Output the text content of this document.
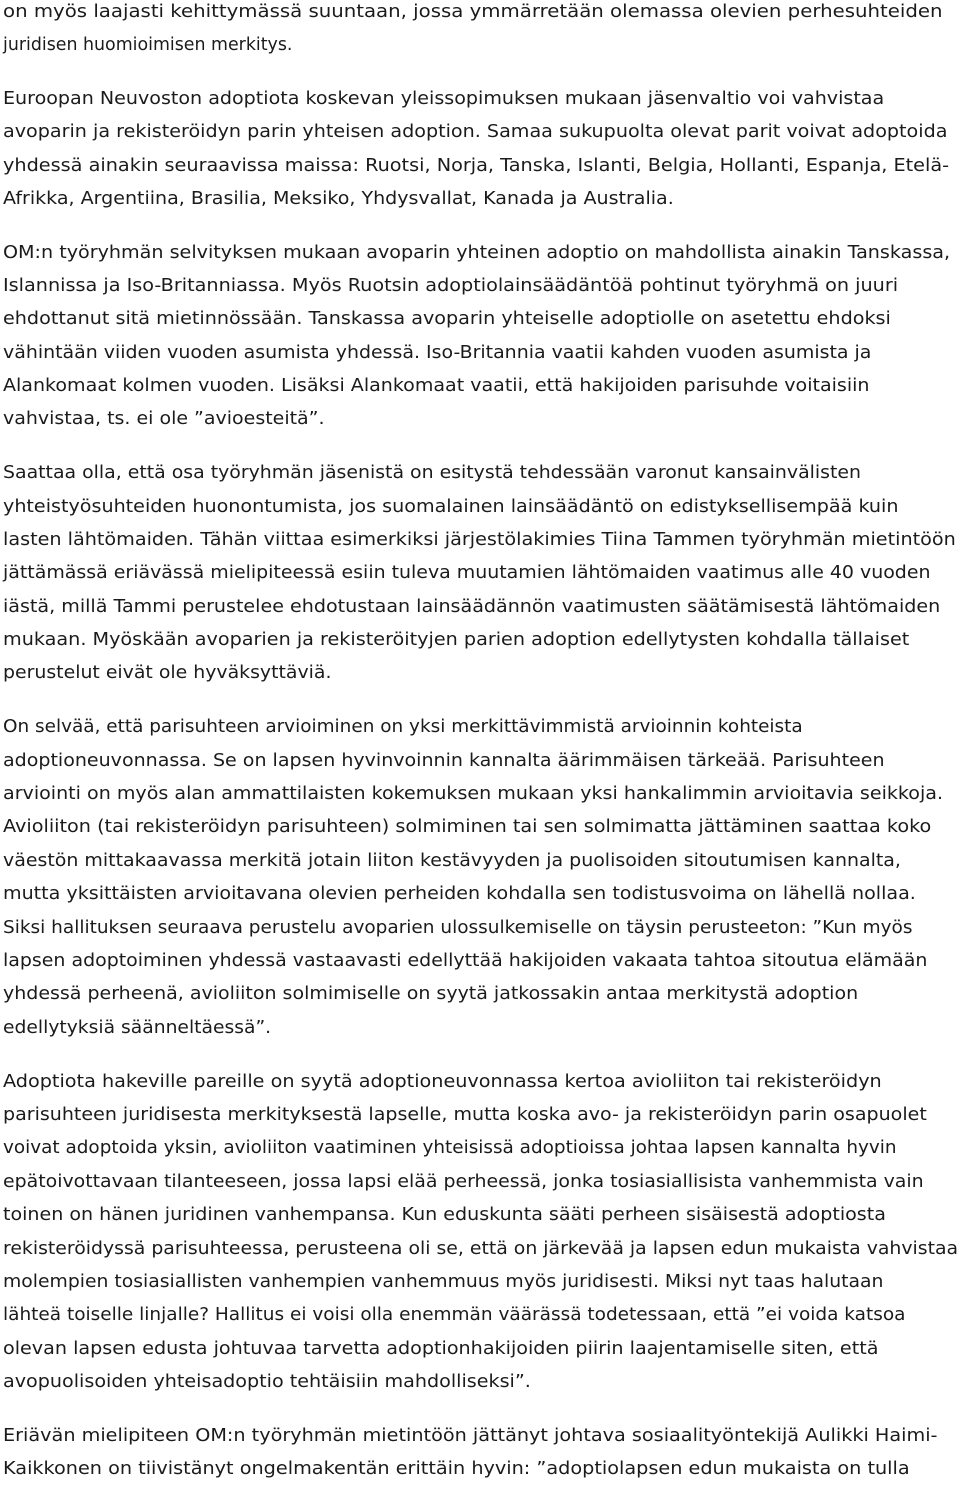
on myös laajasti kehittymässä suuntaan, jossa ymmärretään olemassa olevien perhesuhteiden
juridisen huomioimisen merkitys.
Euroopan Neuvoston adoptiota koskevan yleissopimuksen mukaan jäsenvaltio voi vahvistaa
avoparin ja rekisteröidyn parin yhteisen adoption. Samaa sukupuolta olevat parit voivat adoptoida
yhdessä ainakin seuraavissa maissa: Ruotsi, Norja, Tanska, Islanti, Belgia, Hollanti, Espanja, Etelä-
Afrikka, Argentiina, Brasilia, Meksiko, Yhdysvallat, Kanada ja Australia.
OM:n työryhmän selvityksen mukaan avoparin yhteinen adoptio on mahdollista ainakin Tanskassa,
Islannissa ja Iso-Britanniassa. Myös Ruotsin adoptiolainsäädäntöä pohtinut työryhmä on juuri
ehdottanut sitä mietinnössään. Tanskassa avoparin yhteiselle adoptiolle on asetettu ehdoksi
vähintään viiden vuoden asumista yhdessä. Iso-Britannia vaatii kahden vuoden asumista ja
Alankomaat kolmen vuoden. Lisäksi Alankomaat vaatii, että hakijoiden parisuhde voitaisiin
vahvistaa, ts. ei ole ”avioesteitä”.
Saattaa olla, että osa työryhmän jäsenistä on esitystä tehdessään varonut kansainvälisten
yhteistyösuhteiden huonontumista, jos suomalainen lainsäädäntö on edistyksellisempää kuin
lasten lähtömaiden. Tähän viittaa esimerkiksi järjestölakimies Tiina Tammen työryhmän mietintöön
jättämässä eriävässä mielipiteessä esiin tuleva muutamien lähtömaiden vaatimus alle 40 vuoden
iästä, millä Tammi perustelee ehdotustaan lainsäädännön vaatimusten säätämisestä lähtömaiden
mukaan. Myöskään avoparien ja rekisteröityjen parien adoption edellytysten kohdalla tällaiset
perustelut eivät ole hyväksyttäviä.
On selvää, että parisuhteen arvioiminen on yksi merkittävimmistä arvioinnin kohteista
adoptioneuvonnassa. Se on lapsen hyvinvoinnin kannalta äärimmäisen tärkeää. Parisuhteen
arviointi on myös alan ammattilaisten kokemuksen mukaan yksi hankalimmin arvioitavia seikkoja.
Avioliiton (tai rekisteröidyn parisuhteen) solmiminen tai sen solmimatta jättäminen saattaa koko
väestön mittakaavassa merkitä jotain liiton kestävyyden ja puolisoiden sitoutumisen kannalta,
mutta yksittäisten arvioitavana olevien perheiden kohdalla sen todistusvoima on lähellä nollaa.
Siksi hallituksen seuraava perustelu avoparien ulossulkemiselle on täysin perusteeton: ”Kun myös
lapsen adoptoiminen yhdessä vastaavasti edellyttää hakijoiden vakaata tahtoa sitoutua elämään
yhdessä perheenä, avioliiton solmimiselle on syytä jatkossakin antaa merkitystä adoption
edellytyksiä säänneltäessä”.
Adoptiota hakeville pareille on syytä adoptioneuvonnassa kertoa avioliiton tai rekisteröidyn
parisuhteen juridisesta merkityksestä lapselle, mutta koska avo- ja rekisteröidyn parin osapuolet
voivat adoptoida yksin, avioliiton vaatiminen yhteisissä adoptioissa johtaa lapsen kannalta hyvin
epätoivottavaan tilanteeseen, jossa lapsi elää perheessä, jonka tosiasiallisista vanhemmista vain
toinen on hänen juridinen vanhempansa. Kun eduskunta sääti perheen sisäisestä adoptiosta
rekisteröidyssä parisuhteessa, perusteena oli se, että on järkevää ja lapsen edun mukaista vahvistaa
molempien tosiasiallisten vanhempien vanhemmuus myös juridisesti. Miksi nyt taas halutaan
lähteä toiselle linjalle? Hallitus ei voisi olla enemmän väärässä todetessaan, että ”ei voida katsoa
olevan lapsen edusta johtuvaa tarvetta adoptionhakijoiden piirin laajentamiselle siten, että
avopuolisoiden yhteisadoptio tehtäisiin mahdolliseksi”.
Eriävän mielipiteen OM:n työryhmän mietintöön jättänyt johtava sosiaalityöntekijä Aulikki Haimi-
Kaikkonen on tiivistänyt ongelmakentän erittäin hyvin: ”adoptiolapsen edun mukaista on tulla
